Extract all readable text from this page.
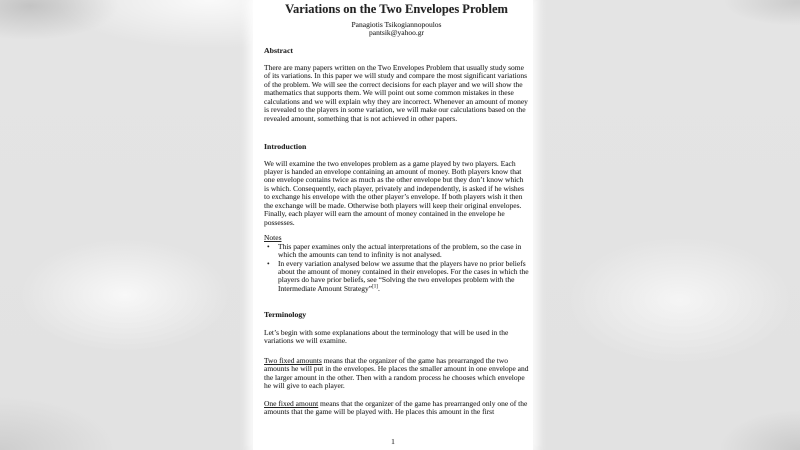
Variations on the Two Envelopes Problem
Panagiotis Tsikogiannopoulos
pantsik@yahoo.gr
Abstract
There are many papers written on the Two Envelopes Problem that usually study some of its variations. In this paper we will study and compare the most significant variations of the problem. We will see the correct decisions for each player and we will show the mathematics that supports them. We will point out some common mistakes in these calculations and we will explain why they are incorrect. Whenever an amount of money is revealed to the players in some variation, we will make our calculations based on the revealed amount, something that is not achieved in other papers.
Introduction
We will examine the two envelopes problem as a game played by two players. Each player is handed an envelope containing an amount of money. Both players know that one envelope contains twice as much as the other envelope but they don’t know which is which. Consequently, each player, privately and independently, is asked if he wishes to exchange his envelope with the other player’s envelope. If both players wish it then the exchange will be made. Otherwise both players will keep their original envelopes. Finally, each player will earn the amount of money contained in the envelope he possesses.
Notes
•	This paper examines only the actual interpretations of the problem, so the case in which the amounts can tend to infinity is not analysed.
•	In every variation analysed below we assume that the players have no prior beliefs about the amount of money contained in their envelopes. For the cases in which the players do have prior beliefs, see “Solving the two envelopes problem with the Intermediate Amount Strategy”[1].
Terminology
Let’s begin with some explanations about the terminology that will be used in the variations we will examine.
Two fixed amounts means that the organizer of the game has prearranged the two amounts he will put in the envelopes. He places the smaller amount in one envelope and the larger amount in the other. Then with a random process he chooses which envelope he will give to each player.
One fixed amount means that the organizer of the game has prearranged only one of the amounts that the game will be played with. He places this amount in the first
1
